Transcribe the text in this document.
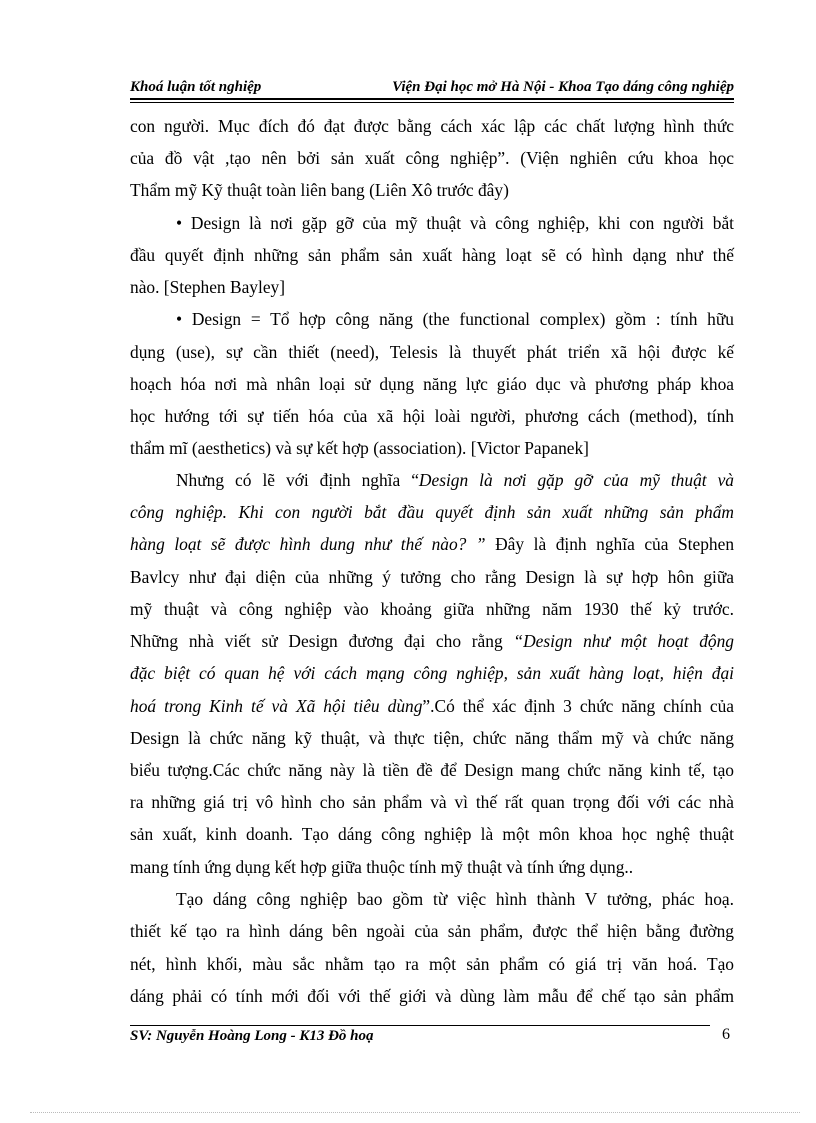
Khoá luận tốt nghiệp	Viện Đại học mở Hà Nội - Khoa Tạo dáng công nghiệp
con người. Mục đích đó đạt được bằng cách xác lập các chất lượng hình thức
của đồ vật ,tạo nên bởi sản xuất công nghiệp”. (Viện nghiên cứu khoa học
Thẩm mỹ Kỹ thuật toàn liên bang (Liên Xô trước đây)
• Design là nơi gặp gỡ của mỹ thuật và công nghiệp, khi con người bắt
đầu quyết định những sản phẩm sản xuất hàng loạt sẽ có hình dạng như thế
nào. [Stephen Bayley]
• Design = Tổ hợp công năng (the functional complex) gồm : tính hữu
dụng (use), sự cần thiết (need), Telesis là thuyết phát triển xã hội được kế
hoạch hóa nơi mà nhân loại sử dụng năng lực giáo dục và phương pháp khoa
học hướng tới sự tiến hóa của xã hội loài người, phương cách (method), tính
thẩm mĩ (aesthetics) và sự kết hợp (association). [Victor Papanek]
Nhưng có lẽ với định nghĩa “Design là nơi gặp gỡ của mỹ thuật và
công nghiệp. Khi con người bắt đầu quyết định sản xuất những sản phẩm
hàng loạt sẽ được hình dung như thế nào? ” Đây là định nghĩa của Stephen
Bavlcy như đại diện của những ý tưởng cho rằng Design là sự hợp hôn giữa
mỹ thuật và công nghiệp vào khoảng giữa những năm 1930 thế kỷ trước.
Những nhà viết sử Design đương đại cho rằng “Design như một hoạt động
đặc biệt có quan hệ với cách mạng công nghiệp, sản xuất hàng loạt, hiện đại
hoá trong Kinh tế và Xã hội tiêu dùng”.Có thể xác định 3 chức năng chính của
Design là chức năng kỹ thuật, và thực tiện, chức năng thẩm mỹ và chức năng
biểu tượng.Các chức năng này là tiền đề để Design mang chức năng kinh tế, tạo
ra những giá trị vô hình cho sản phẩm và vì thế rất quan trọng đối với các nhà
sản xuất, kinh doanh. Tạo dáng công nghiệp là một môn khoa học nghệ thuật
mang tính ứng dụng kết hợp giữa thuộc tính mỹ thuật và tính ứng dụng..
Tạo dáng công nghiệp bao gồm từ việc hình thành V tưởng, phác hoạ.
thiết kế tạo ra hình dáng bên ngoài của sản phẩm, được thể hiện bằng đường
nét, hình khối, màu sắc nhằm tạo ra một sản phẩm có giá trị văn hoá. Tạo
dáng phải có tính mới đối với thế giới và dùng làm mẫu để chế tạo sản phẩm
SV: Nguyễn Hoàng Long - K13 Đồ hoạ	6
